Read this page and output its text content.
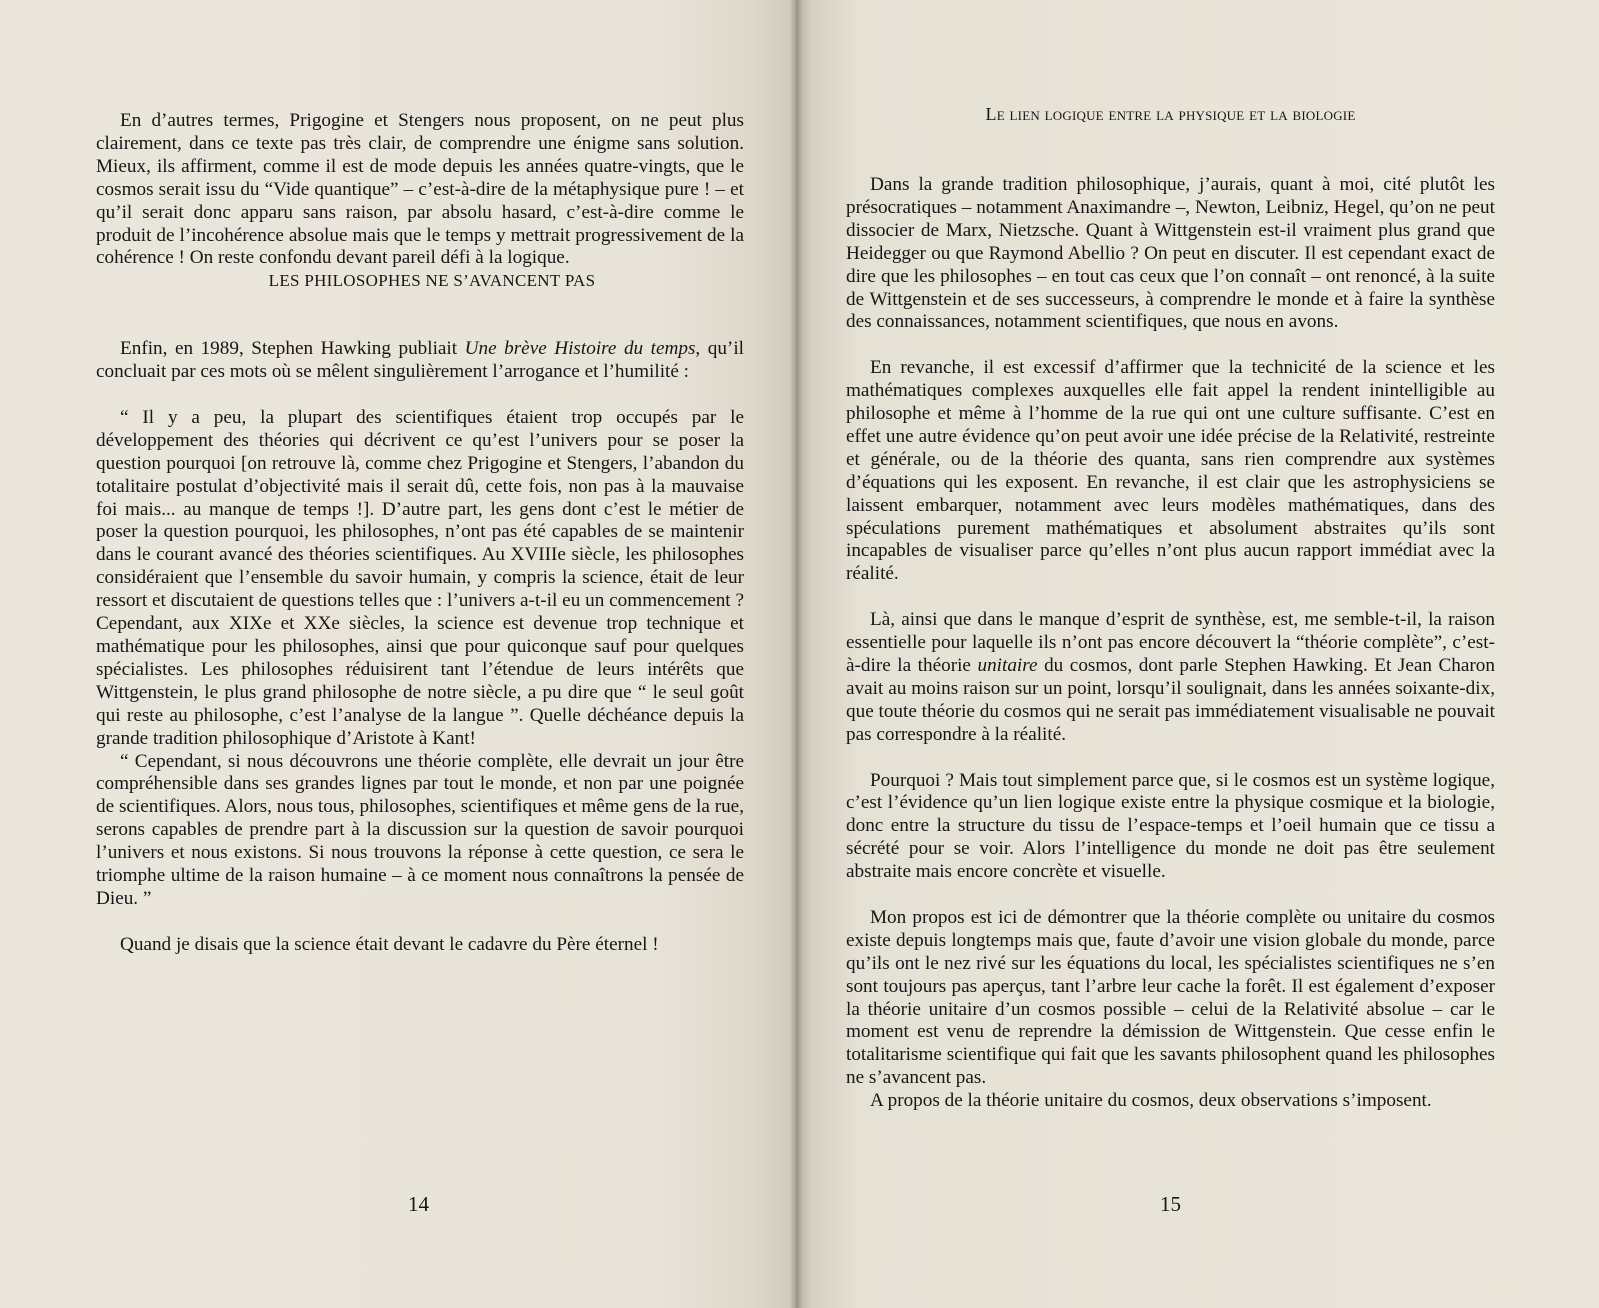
En d’autres termes, Prigogine et Stengers nous proposent, on ne peut plus clairement, dans ce texte pas très clair, de comprendre une énigme sans solution. Mieux, ils affirment, comme il est de mode depuis les années quatre-vingts, que le cosmos serait issu du “Vide quantique” – c’est-à-dire de la métaphysique pure ! – et qu’il serait donc apparu sans raison, par absolu hasard, c’est-à-dire comme le produit de l’incohérence absolue mais que le temps y mettrait progressivement de la cohérence ! On reste confondu devant pareil défi à la logique.

LES PHILOSOPHES NE S’AVANCENT PAS

Enfin, en 1989, Stephen Hawking publiait Une brève Histoire du temps, qu’il concluait par ces mots où se mêlent singulièrement l’arrogance et l’humilité :

“ Il y a peu, la plupart des scientifiques étaient trop occupés par le développement des théories qui décrivent ce qu’est l’univers pour se poser la question pourquoi [on retrouve là, comme chez Prigogine et Stengers, l’abandon du totalitaire postulat d’objectivité mais il serait dû, cette fois, non pas à la mauvaise foi mais... au manque de temps !]. D’autre part, les gens dont c’est le métier de poser la question pourquoi, les philosophes, n’ont pas été capables de se maintenir dans le courant avancé des théories scientifiques. Au XVIIIe siècle, les philosophes considéraient que l’ensemble du savoir humain, y compris la science, était de leur ressort et discutaient de questions telles que : l’univers a-t-il eu un commencement ? Cependant, aux XIXe et XXe siècles, la science est devenue trop technique et mathématique pour les philosophes, ainsi que pour quiconque sauf pour quelques spécialistes. Les philosophes réduisirent tant l’étendue de leurs intérêts que Wittgenstein, le plus grand philosophe de notre siècle, a pu dire que “ le seul goût qui reste au philosophe, c’est l’analyse de la langue ”. Quelle déchéance depuis la grande tradition philosophique d’Aristote à Kant!

“ Cependant, si nous découvrons une théorie complète, elle devrait un jour être compréhensible dans ses grandes lignes par tout le monde, et non par une poignée de scientifiques. Alors, nous tous, philosophes, scientifiques et même gens de la rue, serons capables de prendre part à la discussion sur la question de savoir pourquoi l’univers et nous existons. Si nous trouvons la réponse à cette question, ce sera le triomphe ultime de la raison humaine – à ce moment nous connaîtrons la pensée de Dieu. ”

Quand je disais que la science était devant le cadavre du Père éternel !

14
Le lien logique entre la physique et la biologie

Dans la grande tradition philosophique, j’aurais, quant à moi, cité plutôt les présocratiques – notamment Anaximandre –, Newton, Leibniz, Hegel, qu’on ne peut dissocier de Marx, Nietzsche. Quant à Wittgenstein est-il vraiment plus grand que Heidegger ou que Raymond Abellio ? On peut en discuter. Il est cependant exact de dire que les philosophes – en tout cas ceux que l’on connaît – ont renoncé, à la suite de Wittgenstein et de ses successeurs, à comprendre le monde et à faire la synthèse des connaissances, notamment scientifiques, que nous en avons.

En revanche, il est excessif d’affirmer que la technicité de la science et les mathématiques complexes auxquelles elle fait appel la rendent inintelligible au philosophe et même à l’homme de la rue qui ont une culture suffisante. C’est en effet une autre évidence qu’on peut avoir une idée précise de la Relativité, restreinte et générale, ou de la théorie des quanta, sans rien comprendre aux systèmes d’équations qui les exposent. En revanche, il est clair que les astrophysiciens se laissent embarquer, notamment avec leurs modèles mathématiques, dans des spéculations purement mathématiques et absolument abstraites qu’ils sont incapables de visualiser parce qu’elles n’ont plus aucun rapport immédiat avec la réalité.

Là, ainsi que dans le manque d’esprit de synthèse, est, me semble-t-il, la raison essentielle pour laquelle ils n’ont pas encore découvert la “théorie complète”, c’est-à-dire la théorie unitaire du cosmos, dont parle Stephen Hawking. Et Jean Charon avait au moins raison sur un point, lorsqu’il soulignait, dans les années soixante-dix, que toute théorie du cosmos qui ne serait pas immédiatement visualisable ne pouvait pas correspondre à la réalité.

Pourquoi ? Mais tout simplement parce que, si le cosmos est un système logique, c’est l’évidence qu’un lien logique existe entre la physique cosmique et la biologie, donc entre la structure du tissu de l’espace-temps et l’oeil humain que ce tissu a sécrété pour se voir. Alors l’intelligence du monde ne doit pas être seulement abstraite mais encore concrète et visuelle.

Mon propos est ici de démontrer que la théorie complète ou unitaire du cosmos existe depuis longtemps mais que, faute d’avoir une vision globale du monde, parce qu’ils ont le nez rivé sur les équations du local, les spécialistes scientifiques ne s’en sont toujours pas aperçus, tant l’arbre leur cache la forêt. Il est également d’exposer la théorie unitaire d’un cosmos possible – celui de la Relativité absolue – car le moment est venu de reprendre la démission de Wittgenstein. Que cesse enfin le totalitarisme scientifique qui fait que les savants philosophent quand les philosophes ne s’avancent pas.

A propos de la théorie unitaire du cosmos, deux observations s’imposent.

15
